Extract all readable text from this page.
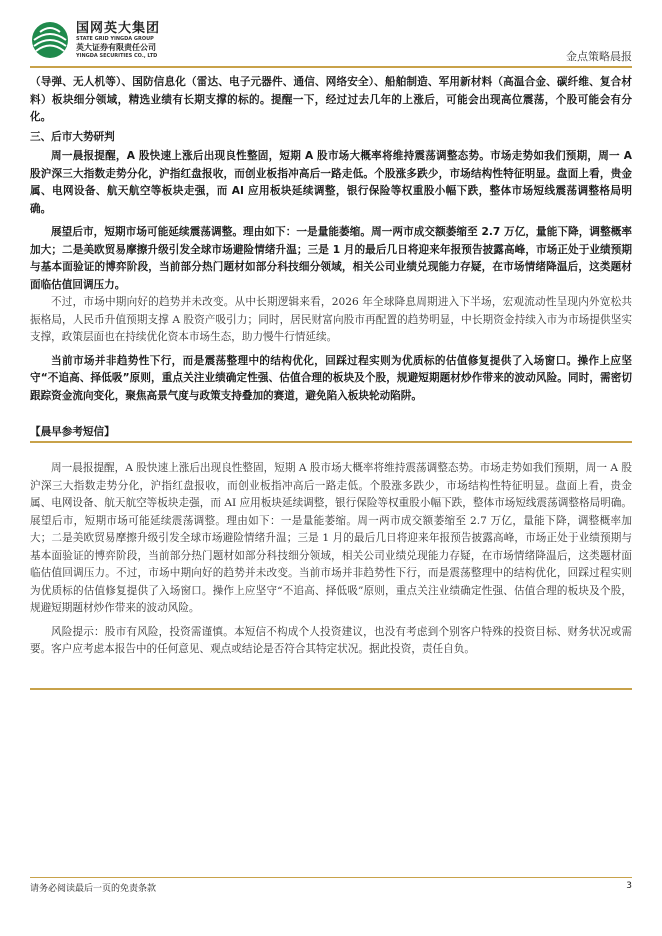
国网英大集团
STATE GRID YINGDA GROUP
英大证券有限责任公司
YINGDA SECURITIES CO., LTD	金点策略晨报

（导弹、无人机等）、国防信息化（雷达、电子元器件、通信、网络安全）、船舶制造、军用新材料（高温合金、碳纤维、复合材料）板块细分领域，精选业绩有长期支撑的标的。提醒一下，经过过去几年的上涨后，可能会出现高位震荡，个股可能会有分化。

三、后市大势研判

周一晨报提醒，A 股快速上涨后出现良性整固，短期 A 股市场大概率将维持震荡调整态势。市场走势如我们预期，周一 A 股沪深三大指数走势分化，沪指红盘报收，而创业板指冲高后一路走低。个股涨多跌少，市场结构性特征明显。盘面上看，贵金属、电网设备、航天航空等板块走强，而 AI 应用板块延续调整，银行保险等权重股小幅下跌，整体市场短线震荡调整格局明确。

展望后市，短期市场可能延续震荡调整。理由如下：一是量能萎缩。周一两市成交额萎缩至 2.7 万亿，量能下降，调整概率加大；二是美欧贸易摩擦升级引发全球市场避险情绪升温；三是 1 月的最后几日将迎来年报预告披露高峰，市场正处于业绩预期与基本面验证的博弈阶段，当前部分热门题材如部分科技细分领域，相关公司业绩兑现能力存疑，在市场情绪降温后，这类题材面临估值回调压力。

不过，市场中期向好的趋势并未改变。从中长期逻辑来看，2026 年全球降息周期进入下半场，宏观流动性呈现内外宽松共振格局，人民币升值预期支撑 A 股资产吸引力；同时，居民财富向股市再配置的趋势明显，中长期资金持续入市为市场提供坚实支撑，政策层面也在持续优化资本市场生态，助力慢牛行情延续。

当前市场并非趋势性下行，而是震荡整理中的结构优化，回踩过程实则为优质标的估值修复提供了入场窗口。操作上应坚守“不追高、择低吸”原则，重点关注业绩确定性强、估值合理的板块及个股，规避短期题材炒作带来的波动风险。同时，需密切跟踪资金流向变化，聚焦高景气度与政策支持叠加的赛道，避免陷入板块轮动陷阱。

【晨早参考短信】

周一晨报提醒，A 股快速上涨后出现良性整固，短期 A 股市场大概率将维持震荡调整态势。市场走势如我们预期，周一 A 股沪深三大指数走势分化，沪指红盘报收，而创业板指冲高后一路走低。个股涨多跌少，市场结构性特征明显。盘面上看，贵金属、电网设备、航天航空等板块走强，而 AI 应用板块延续调整，银行保险等权重股小幅下跌，整体市场短线震荡调整格局明确。展望后市，短期市场可能延续震荡调整。理由如下：一是量能萎缩。周一两市成交额萎缩至 2.7 万亿，量能下降，调整概率加大；二是美欧贸易摩擦升级引发全球市场避险情绪升温；三是 1 月的最后几日将迎来年报预告披露高峰，市场正处于业绩预期与基本面验证的博弈阶段，当前部分热门题材如部分科技细分领域，相关公司业绩兑现能力存疑，在市场情绪降温后，这类题材面临估值回调压力。不过，市场中期向好的趋势并未改变。当前市场并非趋势性下行，而是震荡整理中的结构优化，回踩过程实则为优质标的估值修复提供了入场窗口。操作上应坚守“不追高、择低吸”原则，重点关注业绩确定性强、估值合理的板块及个股，规避短期题材炒作带来的波动风险。

风险提示：股市有风险，投资需谨慎。本短信不构成个人投资建议，也没有考虑到个别客户特殊的投资目标、财务状况或需要。客户应考虑本报告中的任何意见、观点或结论是否符合其特定状况。据此投资，责任自负。

请务必阅读最后一页的免责条款	3
